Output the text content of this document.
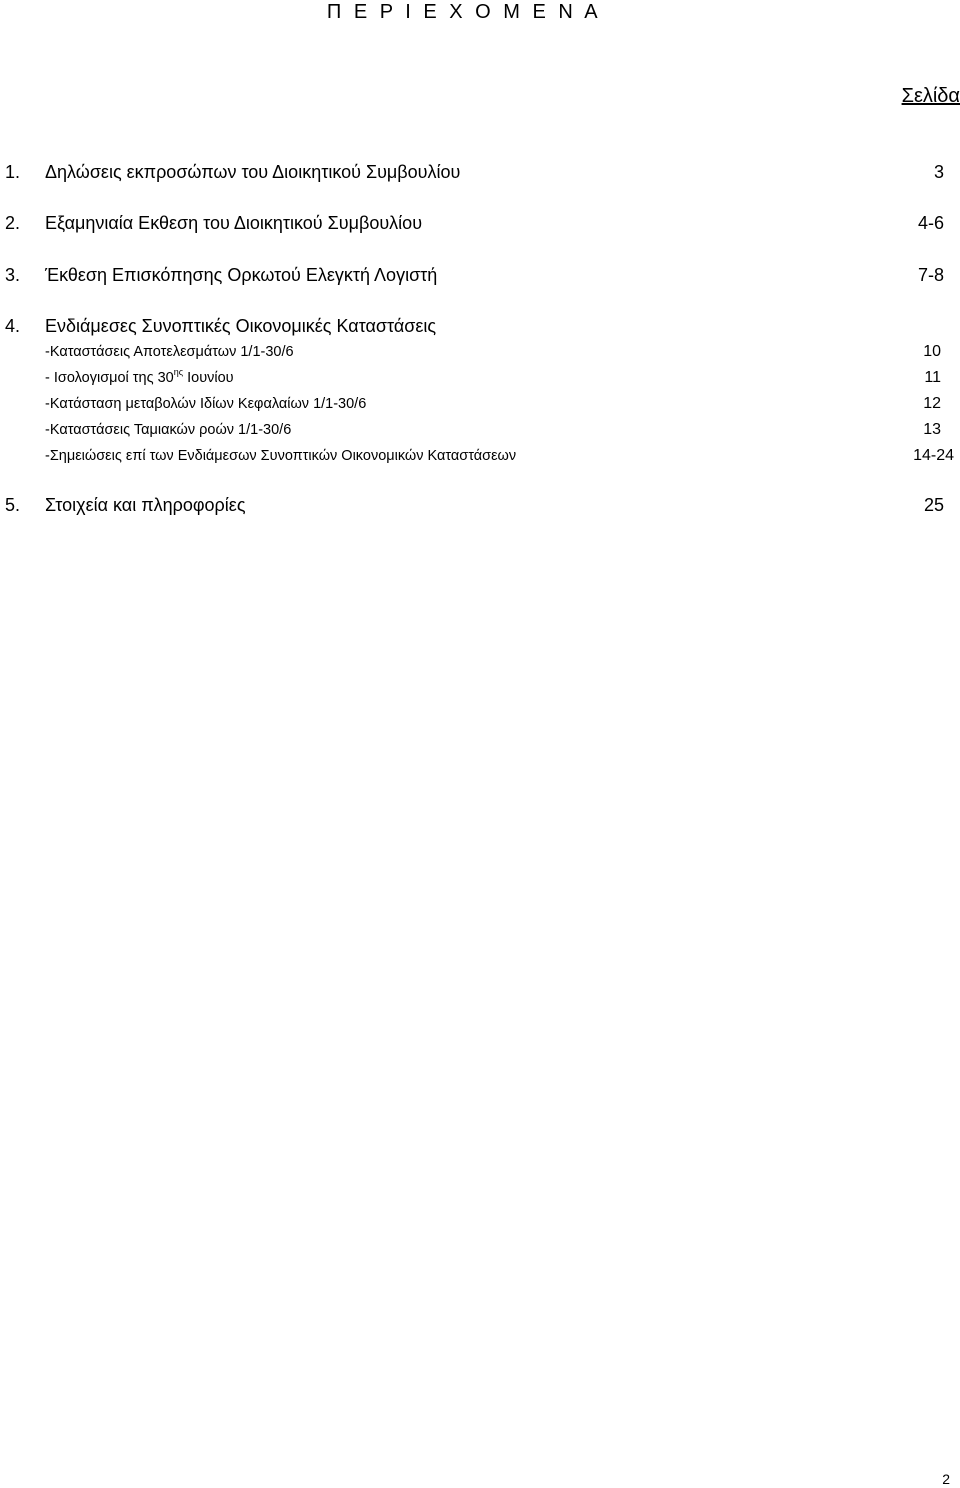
Π Ε Ρ Ι Ε Χ Ο Μ Ε Ν Α
Σελίδα
1. Δηλώσεις εκπροσώπων του Διοικητικού Συμβουλίου	3
2. Εξαμηνιαία Εκθεση του Διοικητικού Συμβουλίου	4-6
3. Έκθεση Επισκόπησης Ορκωτού Ελεγκτή Λογιστή	7-8
4. Ενδιάμεσες Συνοπτικές Οικονομικές Καταστάσεις
-Καταστάσεις Αποτελεσμάτων 1/1-30/6	10
- Ισολογισμοί της $30^{\eta\varsigma}$ Ιουνίου	11
-Κατάσταση μεταβολών Ιδίων Κεφαλαίων 1/1-30/6	12
-Καταστάσεις Ταμιακών ροών 1/1-30/6	13
-Σημειώσεις επί των Ενδιάμεσων Συνοπτικών Οικονομικών Καταστάσεων	14-24
5. Στοιχεία και πληροφορίες	25
2
